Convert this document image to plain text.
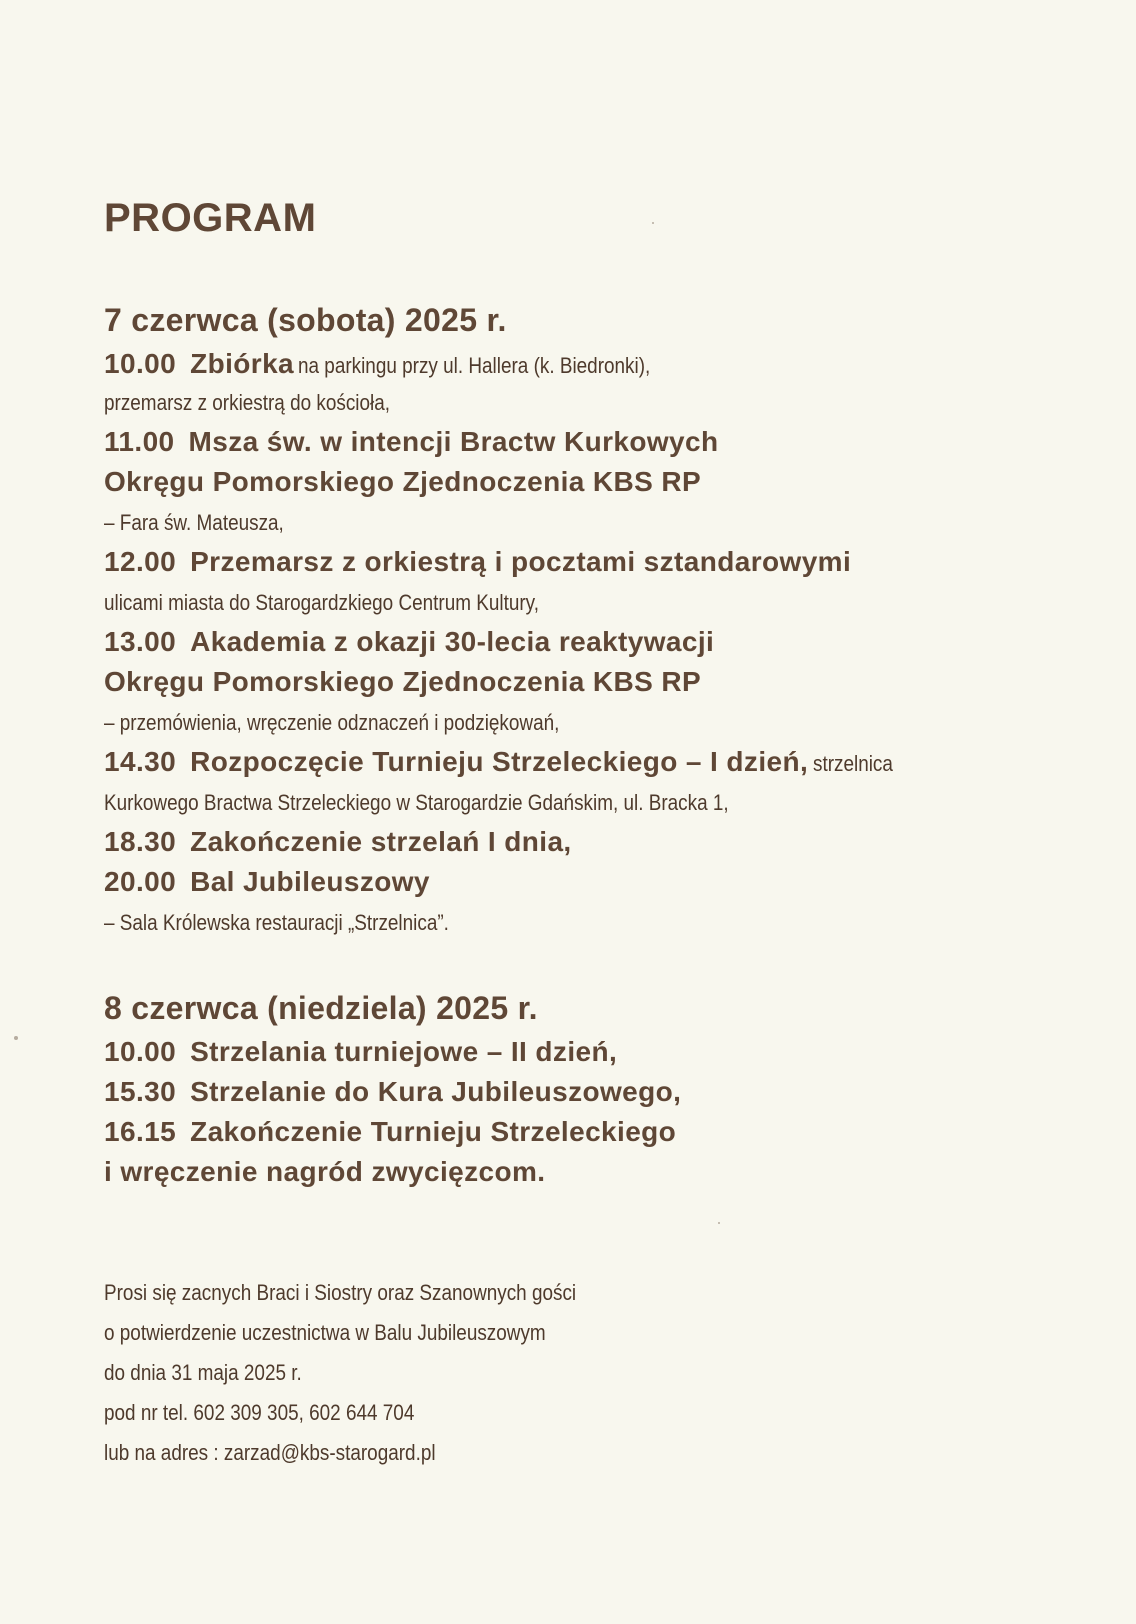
PROGRAM
7 czerwca (sobota) 2025 r.

10.00 Zbiórka na parkingu przy ul. Hallera (k. Biedronki),

przemarsz z orkiestrą do kościoła,

11.00 Msza św. w intencji Bractw Kurkowych

Okręgu Pomorskiego Zjednoczenia KBS RP

– Fara św. Mateusza,

12.00 Przemarsz z orkiestrą i pocztami sztandarowymi

ulicami miasta do Starogardzkiego Centrum Kultury,

13.00 Akademia z okazji 30-lecia reaktywacji

Okręgu Pomorskiego Zjednoczenia KBS RP

– przemówienia, wręczenie odznaczeń i podziękowań,

14.30 Rozpoczęcie Turnieju Strzeleckiego – I dzień, strzelnica

Kurkowego Bractwa Strzeleckiego w Starogardzie Gdańskim, ul. Bracka 1,

18.30 Zakończenie strzelań I dnia,

20.00 Bal Jubileuszowy

– Sala Królewska restauracji „Strzelnica”.

8 czerwca (niedziela) 2025 r.

10.00 Strzelania turniejowe – II dzień,

15.30 Strzelanie do Kura Jubileuszowego,

16.15 Zakończenie Turnieju Strzeleckiego

i wręczenie nagród zwycięzcom.

Prosi się zacnych Braci i Siostry oraz Szanownych gości
o potwierdzenie uczestnictwa w Balu Jubileuszowym
do dnia 31 maja 2025 r.
pod nr tel. 602 309 305, 602 644 704
lub na adres : zarzad@kbs-starogard.pl
